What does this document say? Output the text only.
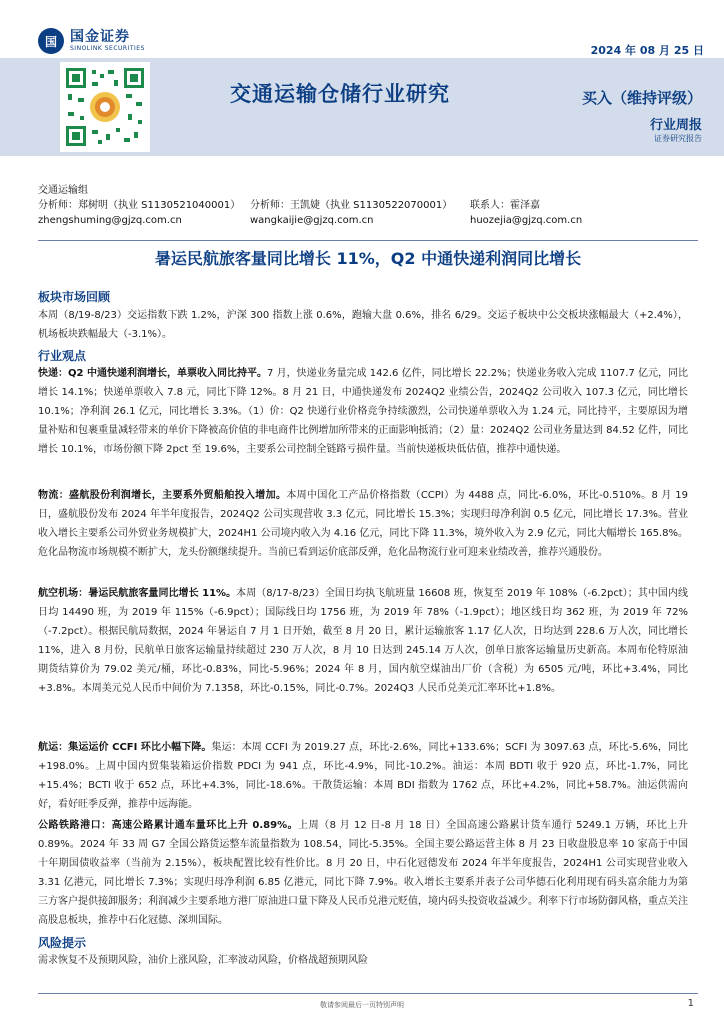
国 国金证券
SINOLINK SECURITIES	2024 年 08 月 25 日
交通运输仓储行业研究	买入（维持评级）
行业周报
证券研究报告
交通运输组
分析师：郑树明（执业 S1130521040001） 分析师：王凯婕（执业 S1130522070001）	联系人：霍泽嘉
zhengshuming@gjzq.com.cn	wangkaijie@gjzq.com.cn	huozejia@gjzq.com.cn
暑运民航旅客量同比增长 11%，Q2 中通快递利润同比增长
板块市场回顾

本周（8/19-8/23）交运指数下跌 1.2%，沪深 300 指数上涨 0.6%，跑输大盘 0.6%，排名 6/29。交运子板块中公交板块涨幅最大（+2.4%），机场板块跌幅最大（-3.1%）。

行业观点

快递：Q2 中通快递利润增长，单票收入同比持平。7 月，快递业务量完成 142.6 亿件，同比增长 22.2%；快递业务收入完成 1107.7 亿元，同比增长 14.1%；快递单票收入 7.8 元，同比下降 12%。8 月 21 日，中通快递发布 2024Q2 业绩公告，2024Q2 公司收入 107.3 亿元，同比增长 10.1%；净利润 26.1 亿元，同比增长 3.3%。（1）价：Q2 快递行业价格竞争持续激烈，公司快递单票收入为 1.24 元，同比持平，主要原因为增量补贴和包裹重量减轻带来的单价下降被高价值的非电商件比例增加所带来的正面影响抵消；（2）量：2024Q2 公司业务量达到 84.52 亿件，同比增长 10.1%，市场份额下降 2pct 至 19.6%，主要系公司控制全链路亏损件量。当前快递板块低估值，推荐中通快递。

物流：盛航股份利润增长，主要系外贸船舶投入增加。本周中国化工产品价格指数（CCPI）为 4488 点，同比-6.0%，环比-0.510%。8 月 19 日，盛航股份发布 2024 年半年度报告，2024Q2 公司实现营收 3.3 亿元，同比增长 15.3%；实现归母净利润 0.5 亿元，同比增长 17.3%。营业收入增长主要系公司外贸业务规模扩大，2024H1 公司境内收入为 4.16 亿元，同比下降 11.3%，境外收入为 2.9 亿元，同比大幅增长 165.8%。危化品物流市场规模不断扩大，龙头份额继续提升。当前已看到运价底部反弹，危化品物流行业可迎来业绩改善，推荐兴通股份。

航空机场：暑运民航旅客量同比增长 11%。本周（8/17-8/23）全国日均执飞航班量 16608 班，恢复至 2019 年 108%（-6.2pct）；其中国内线日均 14490 班，为 2019 年 115%（-6.9pct）；国际线日均 1756 班，为 2019 年 78%（-1.9pct）；地区线日均 362 班，为 2019 年 72%（-7.2pct）。根据民航局数据，2024 年暑运自 7 月 1 日开始，截至 8 月 20 日，累计运输旅客 1.17 亿人次，日均达到 228.6 万人次，同比增长 11%，进入 8 月份，民航单日旅客运输量持续超过 230 万人次，8 月 10 日达到 245.14 万人次，创单日旅客运输量历史新高。本周布伦特原油期货结算价为 79.02 美元/桶，环比-0.83%，同比-5.96%；2024 年 8 月，国内航空煤油出厂价（含税）为 6505 元/吨，环比+3.4%，同比+3.8%。本周美元兑人民币中间价为 7.1358，环比-0.15%，同比-0.7%。2024Q3 人民币兑美元汇率环比+1.8%。

航运：集运运价 CCFI 环比小幅下降。集运：本周 CCFI 为 2019.27 点，环比-2.6%，同比+133.6%；SCFI 为 3097.63 点，环比-5.6%，同比+198.0%。上周中国内贸集装箱运价指数 PDCI 为 941 点，环比-4.9%，同比-10.2%。油运：本周 BDTI 收于 920 点，环比-1.7%，同比+15.4%；BCTI 收于 652 点，环比+4.3%，同比-18.6%。干散货运输：本周 BDI 指数为 1762 点，环比+4.2%，同比+58.7%。油运供需向好，看好旺季反弹，推荐中远海能。

公路铁路港口：高速公路累计通车量环比上升 0.89%。上周（8 月 12 日-8 月 18 日）全国高速公路累计货车通行 5249.1 万辆，环比上升 0.89%。2024 年 33 周 G7 全国公路货运整车流量指数为 108.54，同比-5.35%。全国主要公路运营主体 8 月 23 日收盘股息率 10 家高于中国十年期国债收益率（当前为 2.15%），板块配置比较有性价比。8 月 20 日，中石化冠德发布 2024 年半年度报告，2024H1 公司实现营业收入 3.31 亿港元，同比增长 7.3%；实现归母净利润 6.85 亿港元，同比下降 7.9%。收入增长主要系并表子公司华德石化利用现有码头富余能力为第三方客户提供接卸服务；利润减少主要系地方港厂原油进口量下降及人民币兑港元贬值，境内码头投资收益减少。利率下行市场防御风格，重点关注高股息板块，推荐中石化冠德、深圳国际。

风险提示

需求恢复不及预期风险，油价上涨风险，汇率波动风险，价格战超预期风险

敬请参阅最后一页特别声明	1
